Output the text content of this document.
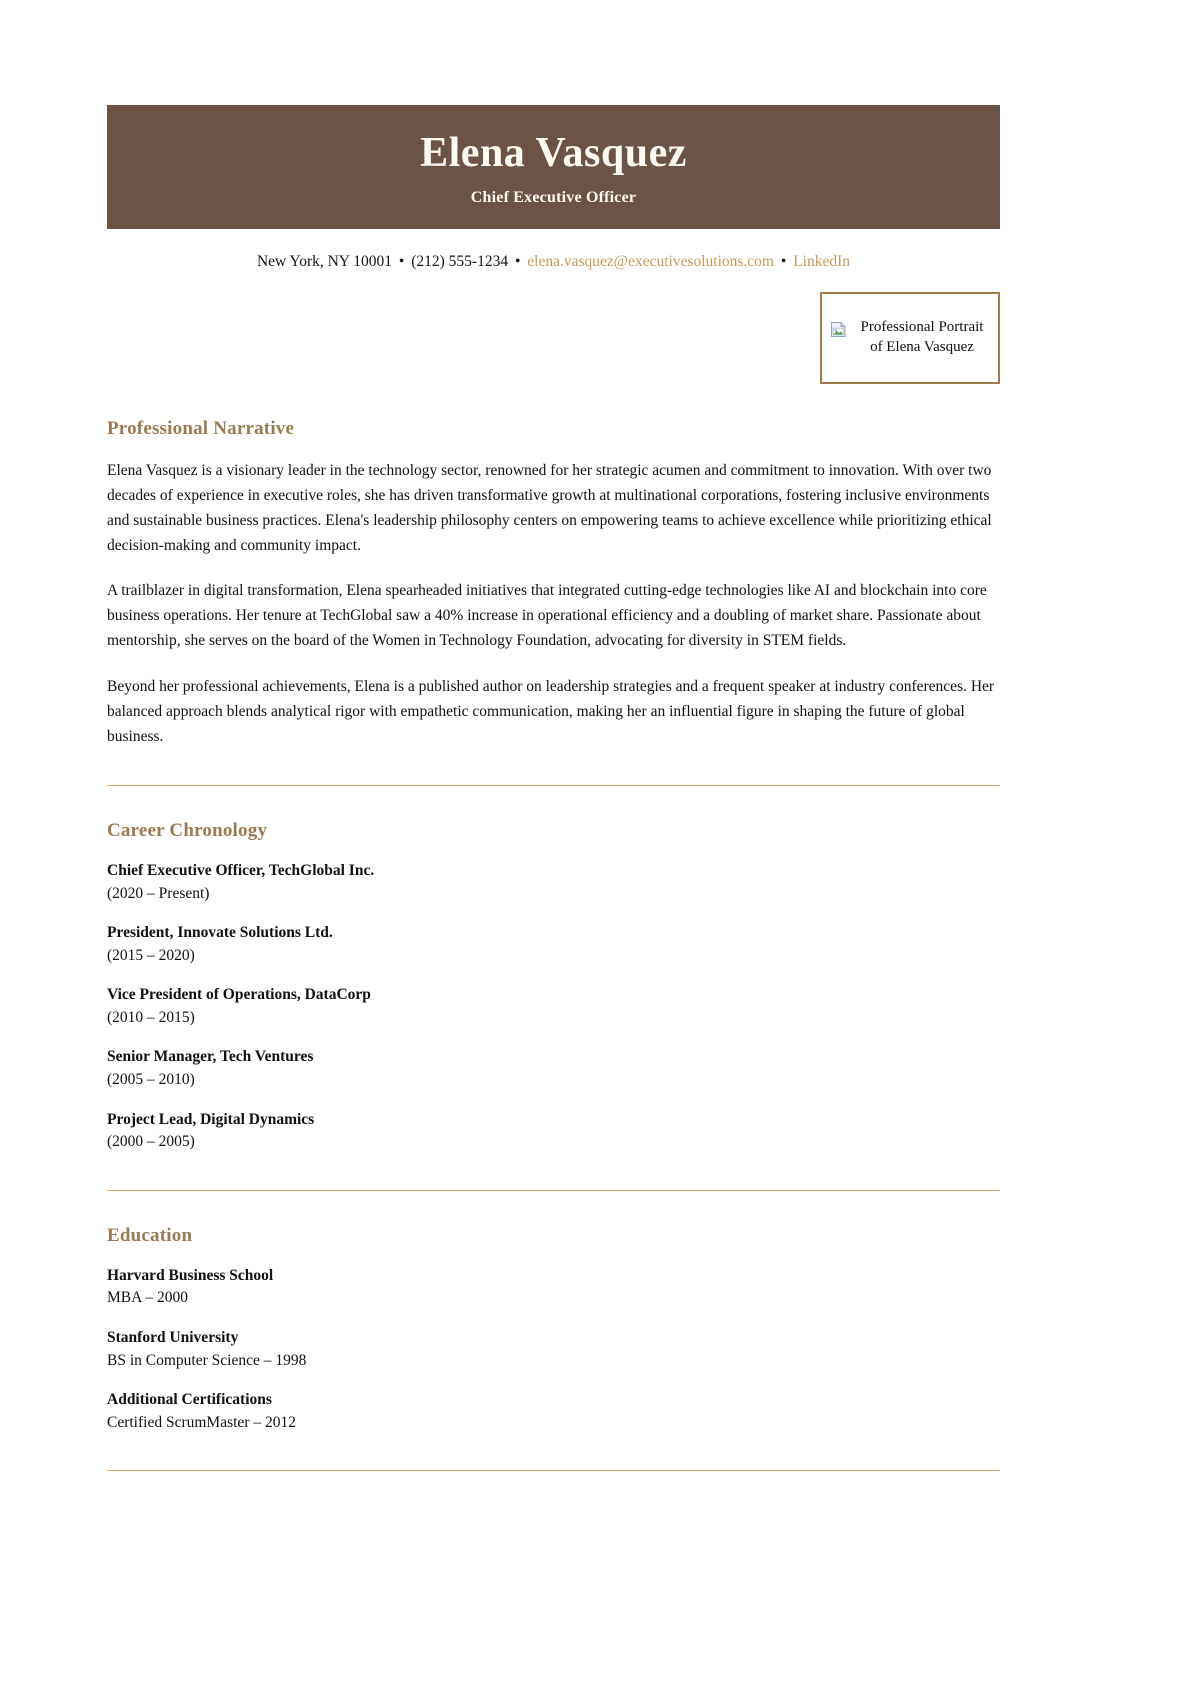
Elena Vasquez
Chief Executive Officer
New York, NY 10001 • (212) 555-1234 • elena.vasquez@executivesolutions.com • LinkedIn
Professional Portrait of Elena Vasquez
Professional Narrative

Elena Vasquez is a visionary leader in the technology sector, renowned for her strategic acumen and commitment to innovation. With over two decades of experience in executive roles, she has driven transformative growth at multinational corporations, fostering inclusive environments and sustainable business practices. Elena's leadership philosophy centers on empowering teams to achieve excellence while prioritizing ethical decision-making and community impact.

A trailblazer in digital transformation, Elena spearheaded initiatives that integrated cutting-edge technologies like AI and blockchain into core business operations. Her tenure at TechGlobal saw a 40% increase in operational efficiency and a doubling of market share. Passionate about mentorship, she serves on the board of the Women in Technology Foundation, advocating for diversity in STEM fields.

Beyond her professional achievements, Elena is a published author on leadership strategies and a frequent speaker at industry conferences. Her balanced approach blends analytical rigor with empathetic communication, making her an influential figure in shaping the future of global business.

Career Chronology
Chief Executive Officer, TechGlobal Inc.
(2020 – Present)
President, Innovate Solutions Ltd.
(2015 – 2020)
Vice President of Operations, DataCorp
(2010 – 2015)
Senior Manager, Tech Ventures
(2005 – 2010)
Project Lead, Digital Dynamics
(2000 – 2005)
Education
Harvard Business School
MBA – 2000
Stanford University
BS in Computer Science – 1998
Additional Certifications
Certified ScrumMaster – 2012
